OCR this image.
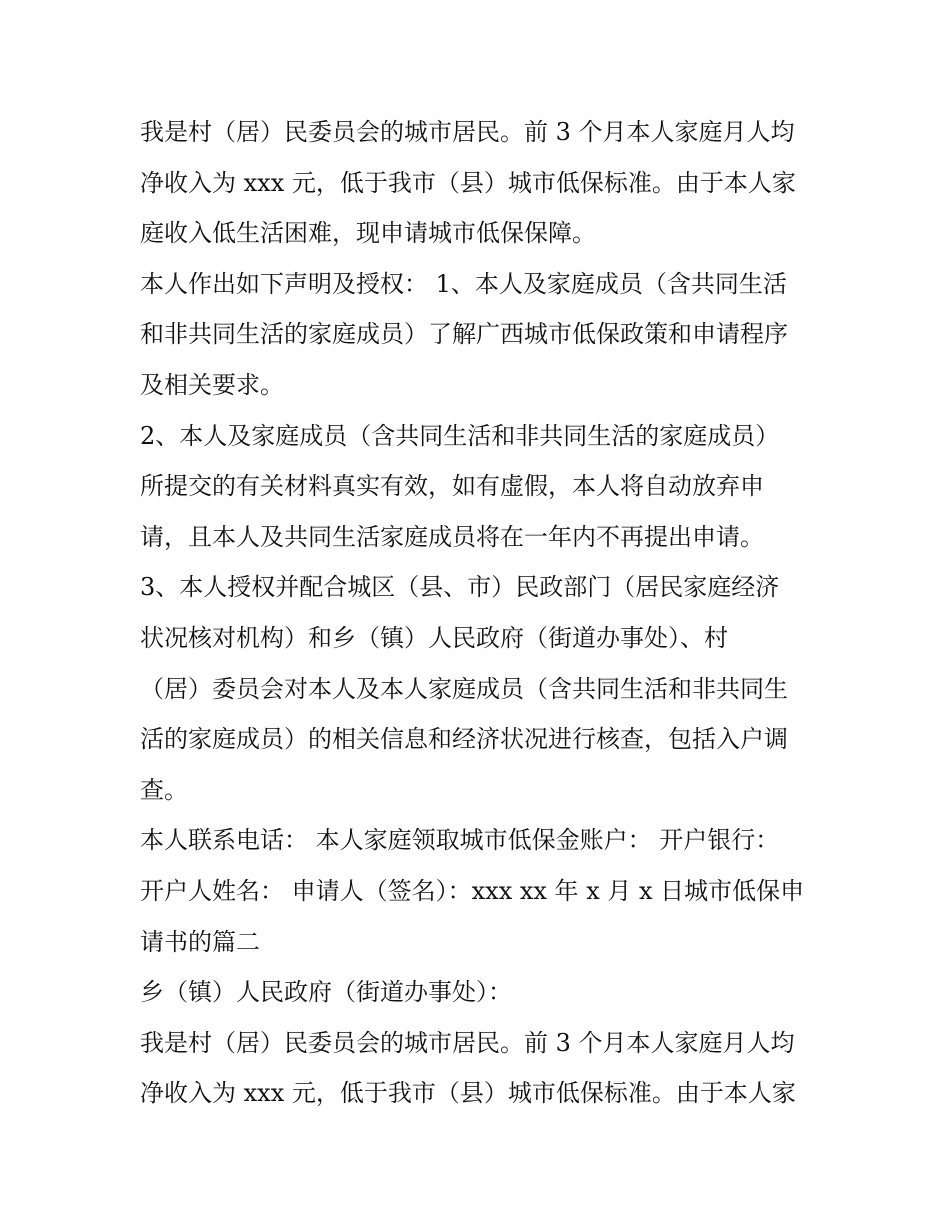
我是村（居）民委员会的城市居民。前 3 个月本人家庭月人均
净收入为 xxx 元，低于我市（县）城市低保标准。由于本人家
庭收入低生活困难，现申请城市低保保障。
本人作出如下声明及授权： 1、本人及家庭成员（含共同生活
和非共同生活的家庭成员）了解广西城市低保政策和申请程序
及相关要求。
2、本人及家庭成员（含共同生活和非共同生活的家庭成员）
所提交的有关材料真实有效，如有虚假，本人将自动放弃申
请，且本人及共同生活家庭成员将在一年内不再提出申请。
3、本人授权并配合城区（县、市）民政部门（居民家庭经济
状况核对机构）和乡（镇）人民政府（街道办事处）、村
（居）委员会对本人及本人家庭成员（含共同生活和非共同生
活的家庭成员）的相关信息和经济状况进行核查，包括入户调
查。
本人联系电话： 本人家庭领取城市低保金账户： 开户银行：
开户人姓名： 申请人（签名）：xxx xx 年 x 月 x 日城市低保申
请书的篇二
乡（镇）人民政府（街道办事处）：
我是村（居）民委员会的城市居民。前 3 个月本人家庭月人均
净收入为 xxx 元，低于我市（县）城市低保标准。由于本人家
